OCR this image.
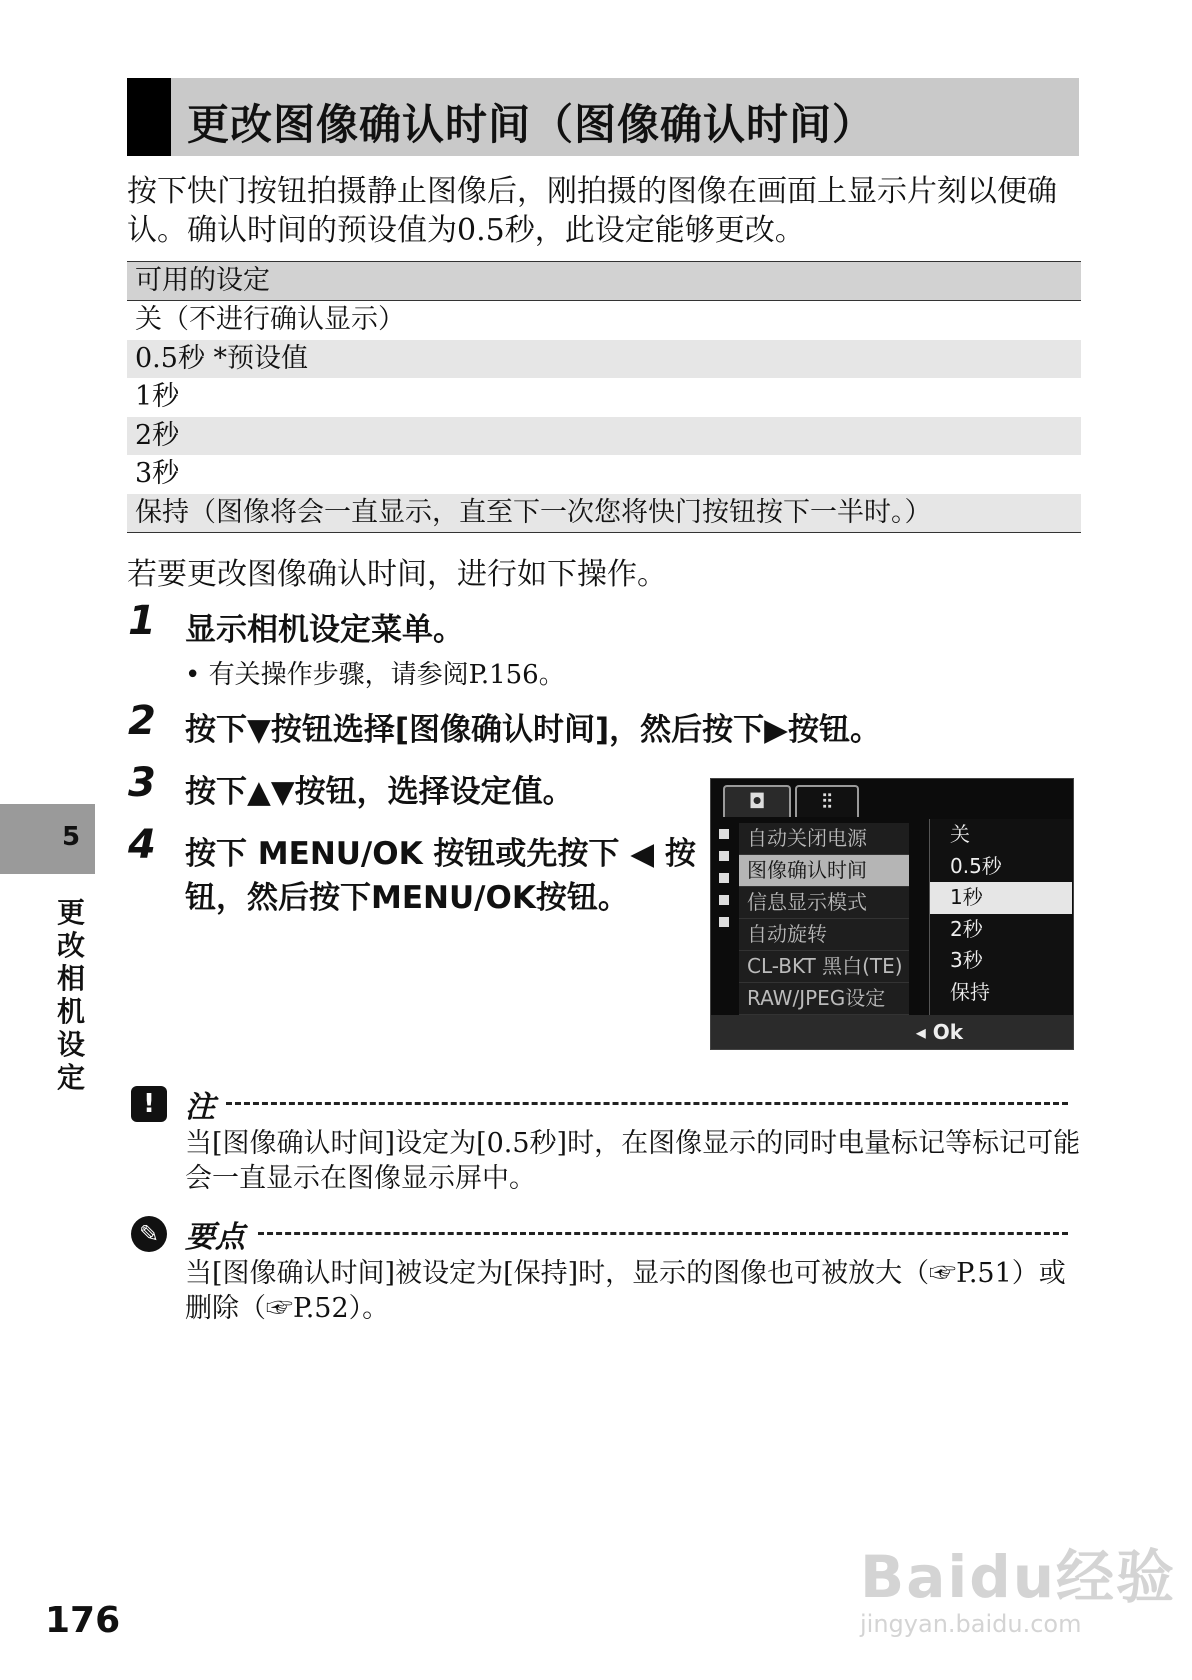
更改图像确认时间（图像确认时间）
按下快门按钮拍摄静止图像后，刚拍摄的图像在画面上显示片刻以便确认。确认时间的预设值为0.5秒，此设定能够更改。
可用的设定
关（不进行确认显示）
0.5秒 *预设值
1秒
2秒
3秒
保持（图像将会一直显示，直至下一次您将快门按钮按下一半时。）
若要更改图像确认时间，进行如下操作。
1 显示相机设定菜单。
• 有关操作步骤，请参阅P.156。
2 按下▼按钮选择[图像确认时间]，然后按下▶按钮。
3 按下▲▼按钮，选择设定值。
4 按下 MENU/OK 按钮或先按下 ◀ 按
钮，然后按下MENU/OK按钮。
◘	⫶⫶
自动关闭电源
图像确认时间
信息显示模式
自动旋转
CL-BKT 黑白(TE)
RAW/JPEG设定
关
0.5秒
1秒
2秒
3秒
保持
◂ Ok
!	注
当[图像确认时间]设定为[0.5秒]时，在图像显示的同时电量标记等标记可能会一直显示在图像显示屏中。
✎ 要点
当[图像确认时间]被设定为[保持]时，显示的图像也可被放大（☞P.51）或删除（☞P.52）。
5
更改相机设定
176
Baidu经验
jingyan.baidu.com
